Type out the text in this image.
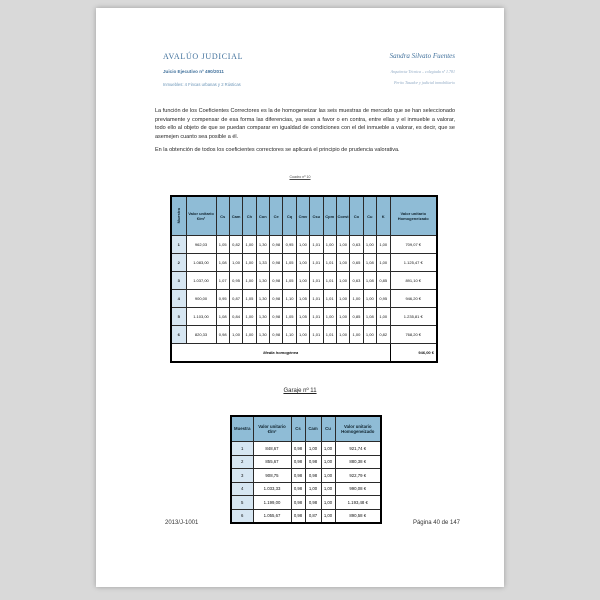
AVALÚO JUDICIAL
Juicio Ejecutivo nº 490/2011
Inmuebles: 4 Fincas urbanas y 2 Rústicas
Sandra Silvato Fuentes
Arquitecta Técnica – colegiada nº 1.781
Perito Tasador y judicial inmobiliario
La función de los Coeficientes Correctores es la de homogeneizar las seis muestras de mercado que se han seleccionado previamente y compensar de esa forma las diferencias, ya sean a favor o en contra, entre ellas y el inmueble a valorar, todo ello al objeto de que se puedan comparar en igualdad de condiciones con el del inmueble a valorar, es decir, que se asemejen cuanto sea posible a él.
En la obtención de todos los coeficientes correctores se aplicará el principio de prudencia valorativa.
Cuadro nº 10
Muestra	Valor unitario €/m²	Cs	Cam	Ch	Con	Ce	Cq	Cmv	Csu	Cpm	Coest	Co	Cu	K	Valor unitario Homogeneizado
1	962,03	1,05	0,82	1,00	1,30	0,98	0,95	1,00	1,01	1,00	1,00	0,63	1,00	1,00	709,07 €
2	1.083,00	1,08	1,00	1,00	1,33	0,98	1,05	1,00	1,01	1,01	1,00	0,65	1,08	1,00	1.125,47 €
3	1.037,00	1,07	0,95	1,00	1,30	0,98	1,05	1,00	1,01	1,01	1,00	0,63	1,08	0,85	891,10 €
4	900,00	0,95	0,87	1,05	1,30	0,98	1,10	1,05	1,01	1,01	1,00	1,00	1,00	0,95	946,20 €
5	1.103,00	1,08	0,84	1,00	1,30	0,98	1,05	1,05	1,01	1,00	1,00	0,85	1,08	1,00	1.235,81 €
6	820,33	0,98	1,00	1,00	1,30	0,98	1,10	1,00	1,01	1,01	1,00	1,00	1,00	0,82	768,20 €
Media homogénea															946,00 €
Garaje nº 11
Muestra	Valor unitario €/m²	Cs	Cam	Cu	Valor unitario Homogeneizado
1	848,67	0,98	1,00	1,00	921,74 €
2	855,67	0,98	0,98	1,00	880,38 €
3	908,75	0,98	0,98	1,00	922,79 €
4	1.033,33	0,98	1,00	1,00	990,08 €
5	1.199,00	0,98	0,98	1,00	1.193,48 €
6	1.055,67	0,98	0,87	1,00	890,58 €
2013/J-1001	Página 40 de 147
